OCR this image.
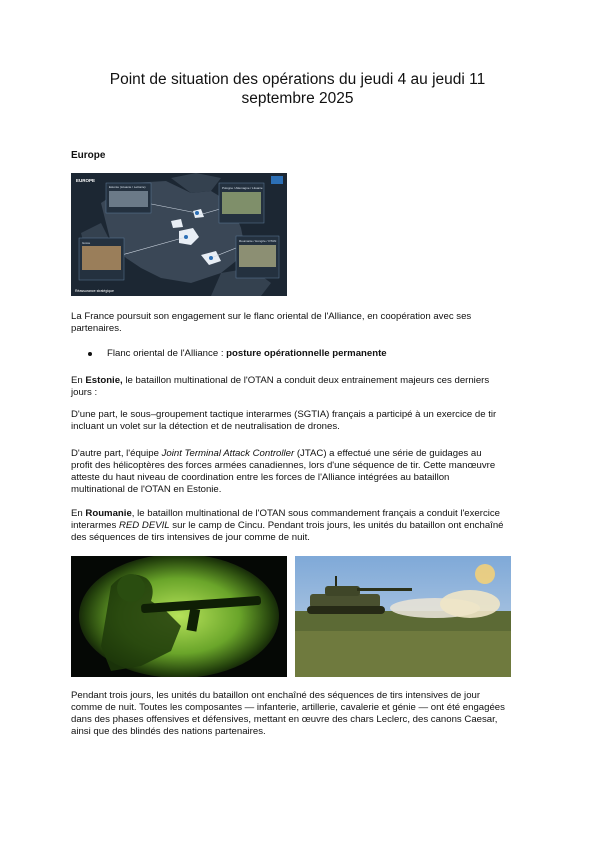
Point de situation des opérations du jeudi 4 au jeudi 11
septembre 2025
Europe
EUROPE
Estonie (Lituanie / Lettonie)	Pologne / Allemagne / Lituanie
Grèce	Roumanie / Hongrie / OTAN
Réassurance stratégique
La France poursuit son engagement sur le flanc oriental de l'Alliance, en coopération avec ses
partenaires.
Flanc oriental de l'Alliance : posture opérationnelle permanente
En Estonie, le bataillon multinational de l'OTAN a conduit deux entrainement majeurs ces derniers
jours :
D'une part, le sous–groupement tactique interarmes (SGTIA) français a participé à un exercice de tir
incluant un volet sur la détection et de neutralisation de drones.
D'autre part, l'équipe Joint Terminal Attack Controller (JTAC) a effectué une série de guidages au
profit des hélicoptères des forces armées canadiennes, lors d'une séquence de tir. Cette manœuvre
atteste du haut niveau de coordination entre les forces de l'Alliance intégrées au bataillon
multinational de l'OTAN en Estonie.
En Roumanie, le bataillon multinational de l'OTAN sous commandement français a conduit l'exercice
interarmes RED DEVIL sur le camp de Cincu. Pendant trois jours, les unités du bataillon ont enchaîné
des séquences de tirs intensives de jour comme de nuit.
Pendant trois jours, les unités du bataillon ont enchaîné des séquences de tirs intensives de jour
comme de nuit. Toutes les composantes — infanterie, artillerie, cavalerie et génie — ont été engagées
dans des phases offensives et défensives, mettant en œuvre des chars Leclerc, des canons Caesar,
ainsi que des blindés des nations partenaires.
